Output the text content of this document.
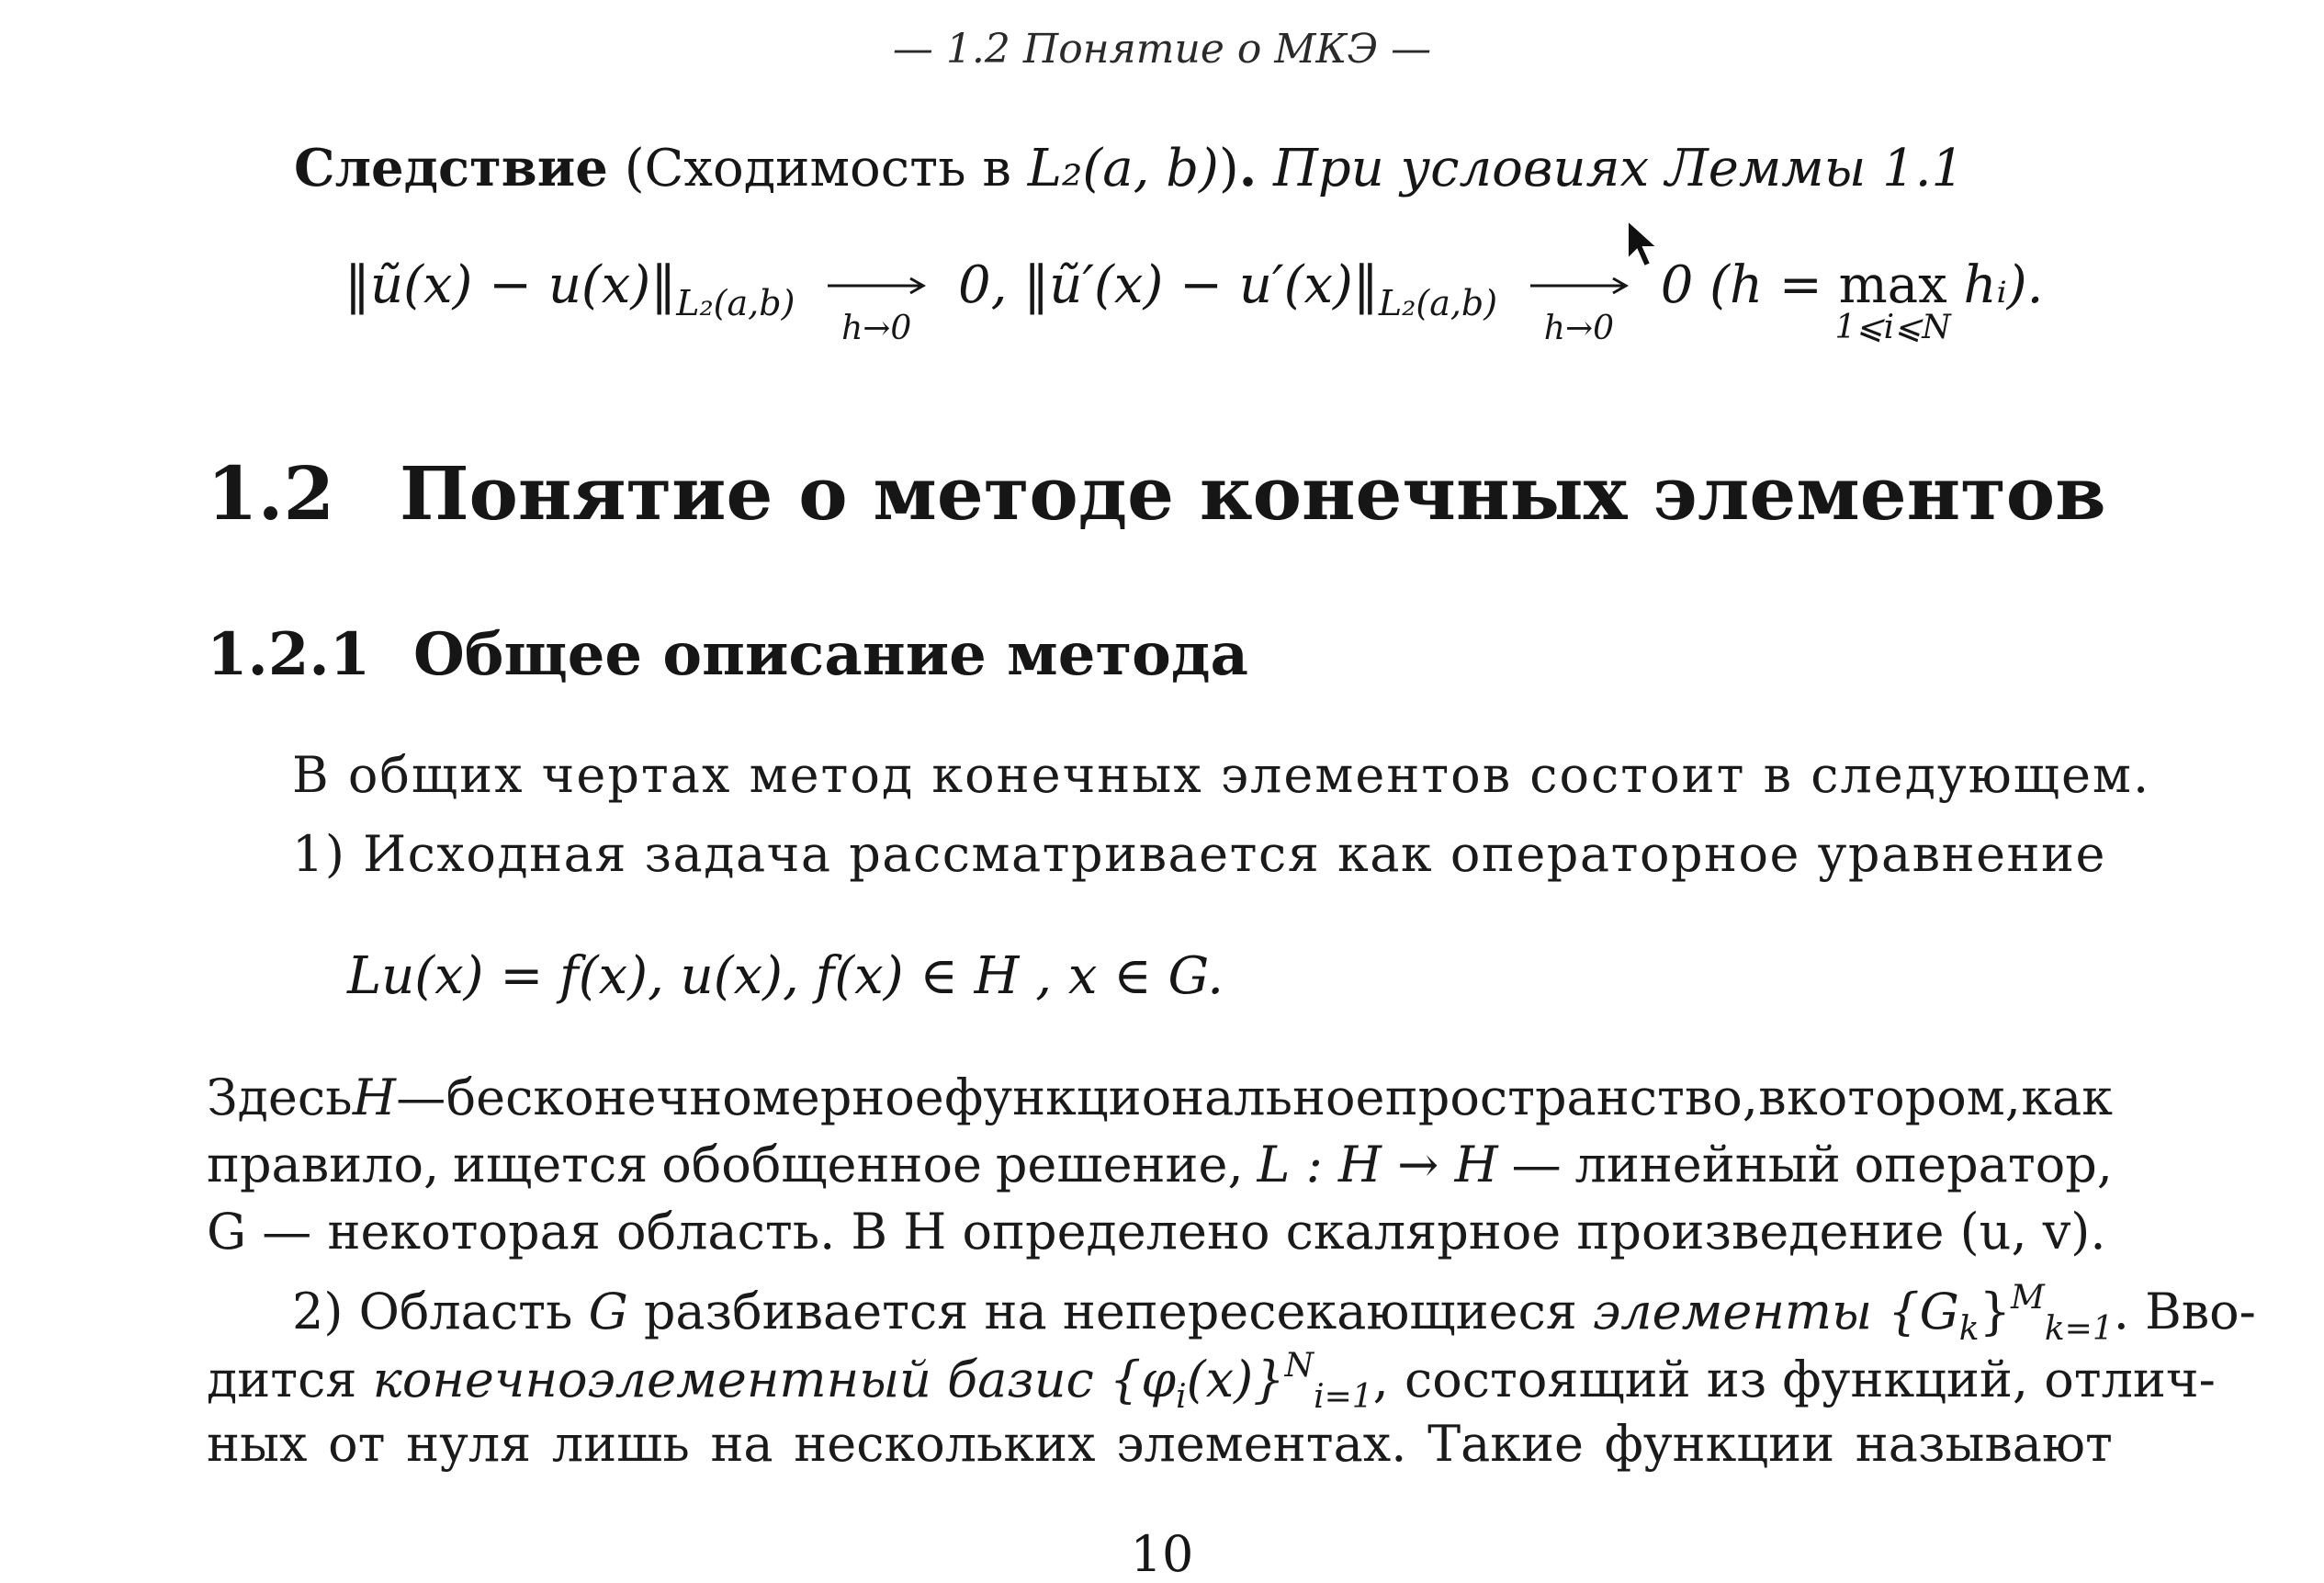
— 1.2 Понятие о МКЭ —
Следствие (Сходимость в L₂(a, b)). При условиях Леммы 1.1
‖ũ(x) − $u(x)‖_{L_2(a,b)}$
h→0
0, ‖ũ′(x) − $u'(x)‖_{L_2(a,b)}$
h→0
0 (h = max
1⩽i⩽N
hᵢ).
1.2 Понятие о методе конечных элементов
1.2.1 Общее описание метода
В общих чертах метод конечных элементов состоит в следующем.
1) Исходная задача рассматривается как операторное уравнение
Lu(x) = f(x), u(x), f(x) ∈ H , x ∈ G.
Здесь H — бесконечномерное функциональное пространство, в котором, как
правило, ищется обобщенное решение, L : H → H — линейный оператор,
G — некоторая область. В H определено скалярное произведение (u, v).
2) Область G разбивается на непересекающиеся элементы $\{G_k\}^M_{k=1}$. Вво-
дится конечноэлементный базис $\{\varphi_i(x)\}^N_{i=1}$, состоящий из функций, отлич-
ных от нуля лишь на нескольких элементах. Такие функции называют
10
